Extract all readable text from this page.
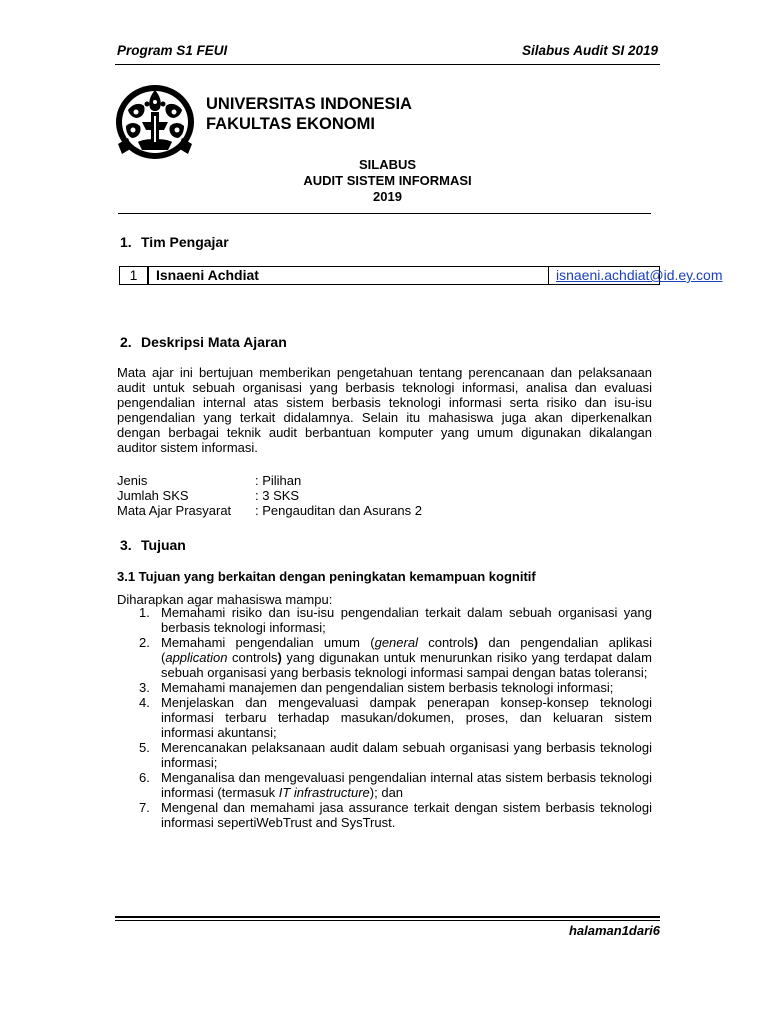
Program S1 FEUI	Silabus Audit SI 2019
UNIVERSITAS INDONESIA
FAKULTAS EKONOMI
SILABUS
AUDIT SISTEM INFORMASI
2019
1. Tim Pengajar
1	Isnaeni Achdiat	isnaeni.achdiat@id.ey.com
2. Deskripsi Mata Ajaran

Mata ajar ini bertujuan memberikan pengetahuan tentang perencanaan dan pelaksanaan audit untuk sebuah organisasi yang berbasis teknologi informasi, analisa dan evaluasi pengendalian internal atas sistem berbasis teknologi informasi serta risiko dan isu-isu pengendalian yang terkait didalamnya. Selain itu mahasiswa juga akan diperkenalkan dengan berbagai teknik audit berbantuan komputer yang umum digunakan dikalangan auditor sistem informasi.

Jenis	: Pilihan
Jumlah SKS	: 3 SKS
Mata Ajar Prasyarat : Pengauditan dan Asurans 2
3. Tujuan
3.1 Tujuan yang berkaitan dengan peningkatan kemampuan kognitif
Diharapkan agar mahasiswa mampu:
1. Memahami risiko dan isu-isu pengendalian terkait dalam sebuah organisasi yang berbasis teknologi informasi;
2. Memahami pengendalian umum (general controls) dan pengendalian aplikasi (application controls) yang digunakan untuk menurunkan risiko yang terdapat dalam sebuah organisasi yang berbasis teknologi informasi sampai dengan batas toleransi;
3. Memahami manajemen dan pengendalian sistem berbasis teknologi informasi;
4. Menjelaskan dan mengevaluasi dampak penerapan konsep-konsep teknologi informasi terbaru terhadap masukan/dokumen, proses, dan keluaran sistem informasi akuntansi;
5. Merencanakan pelaksanaan audit dalam sebuah organisasi yang berbasis teknologi informasi;
6. Menganalisa dan mengevaluasi pengendalian internal atas sistem berbasis teknologi informasi (termasuk IT infrastructure); dan
7. Mengenal dan memahami jasa assurance terkait dengan sistem berbasis teknologi informasi sepertiWebTrust and SysTrust.
halaman1dari6
